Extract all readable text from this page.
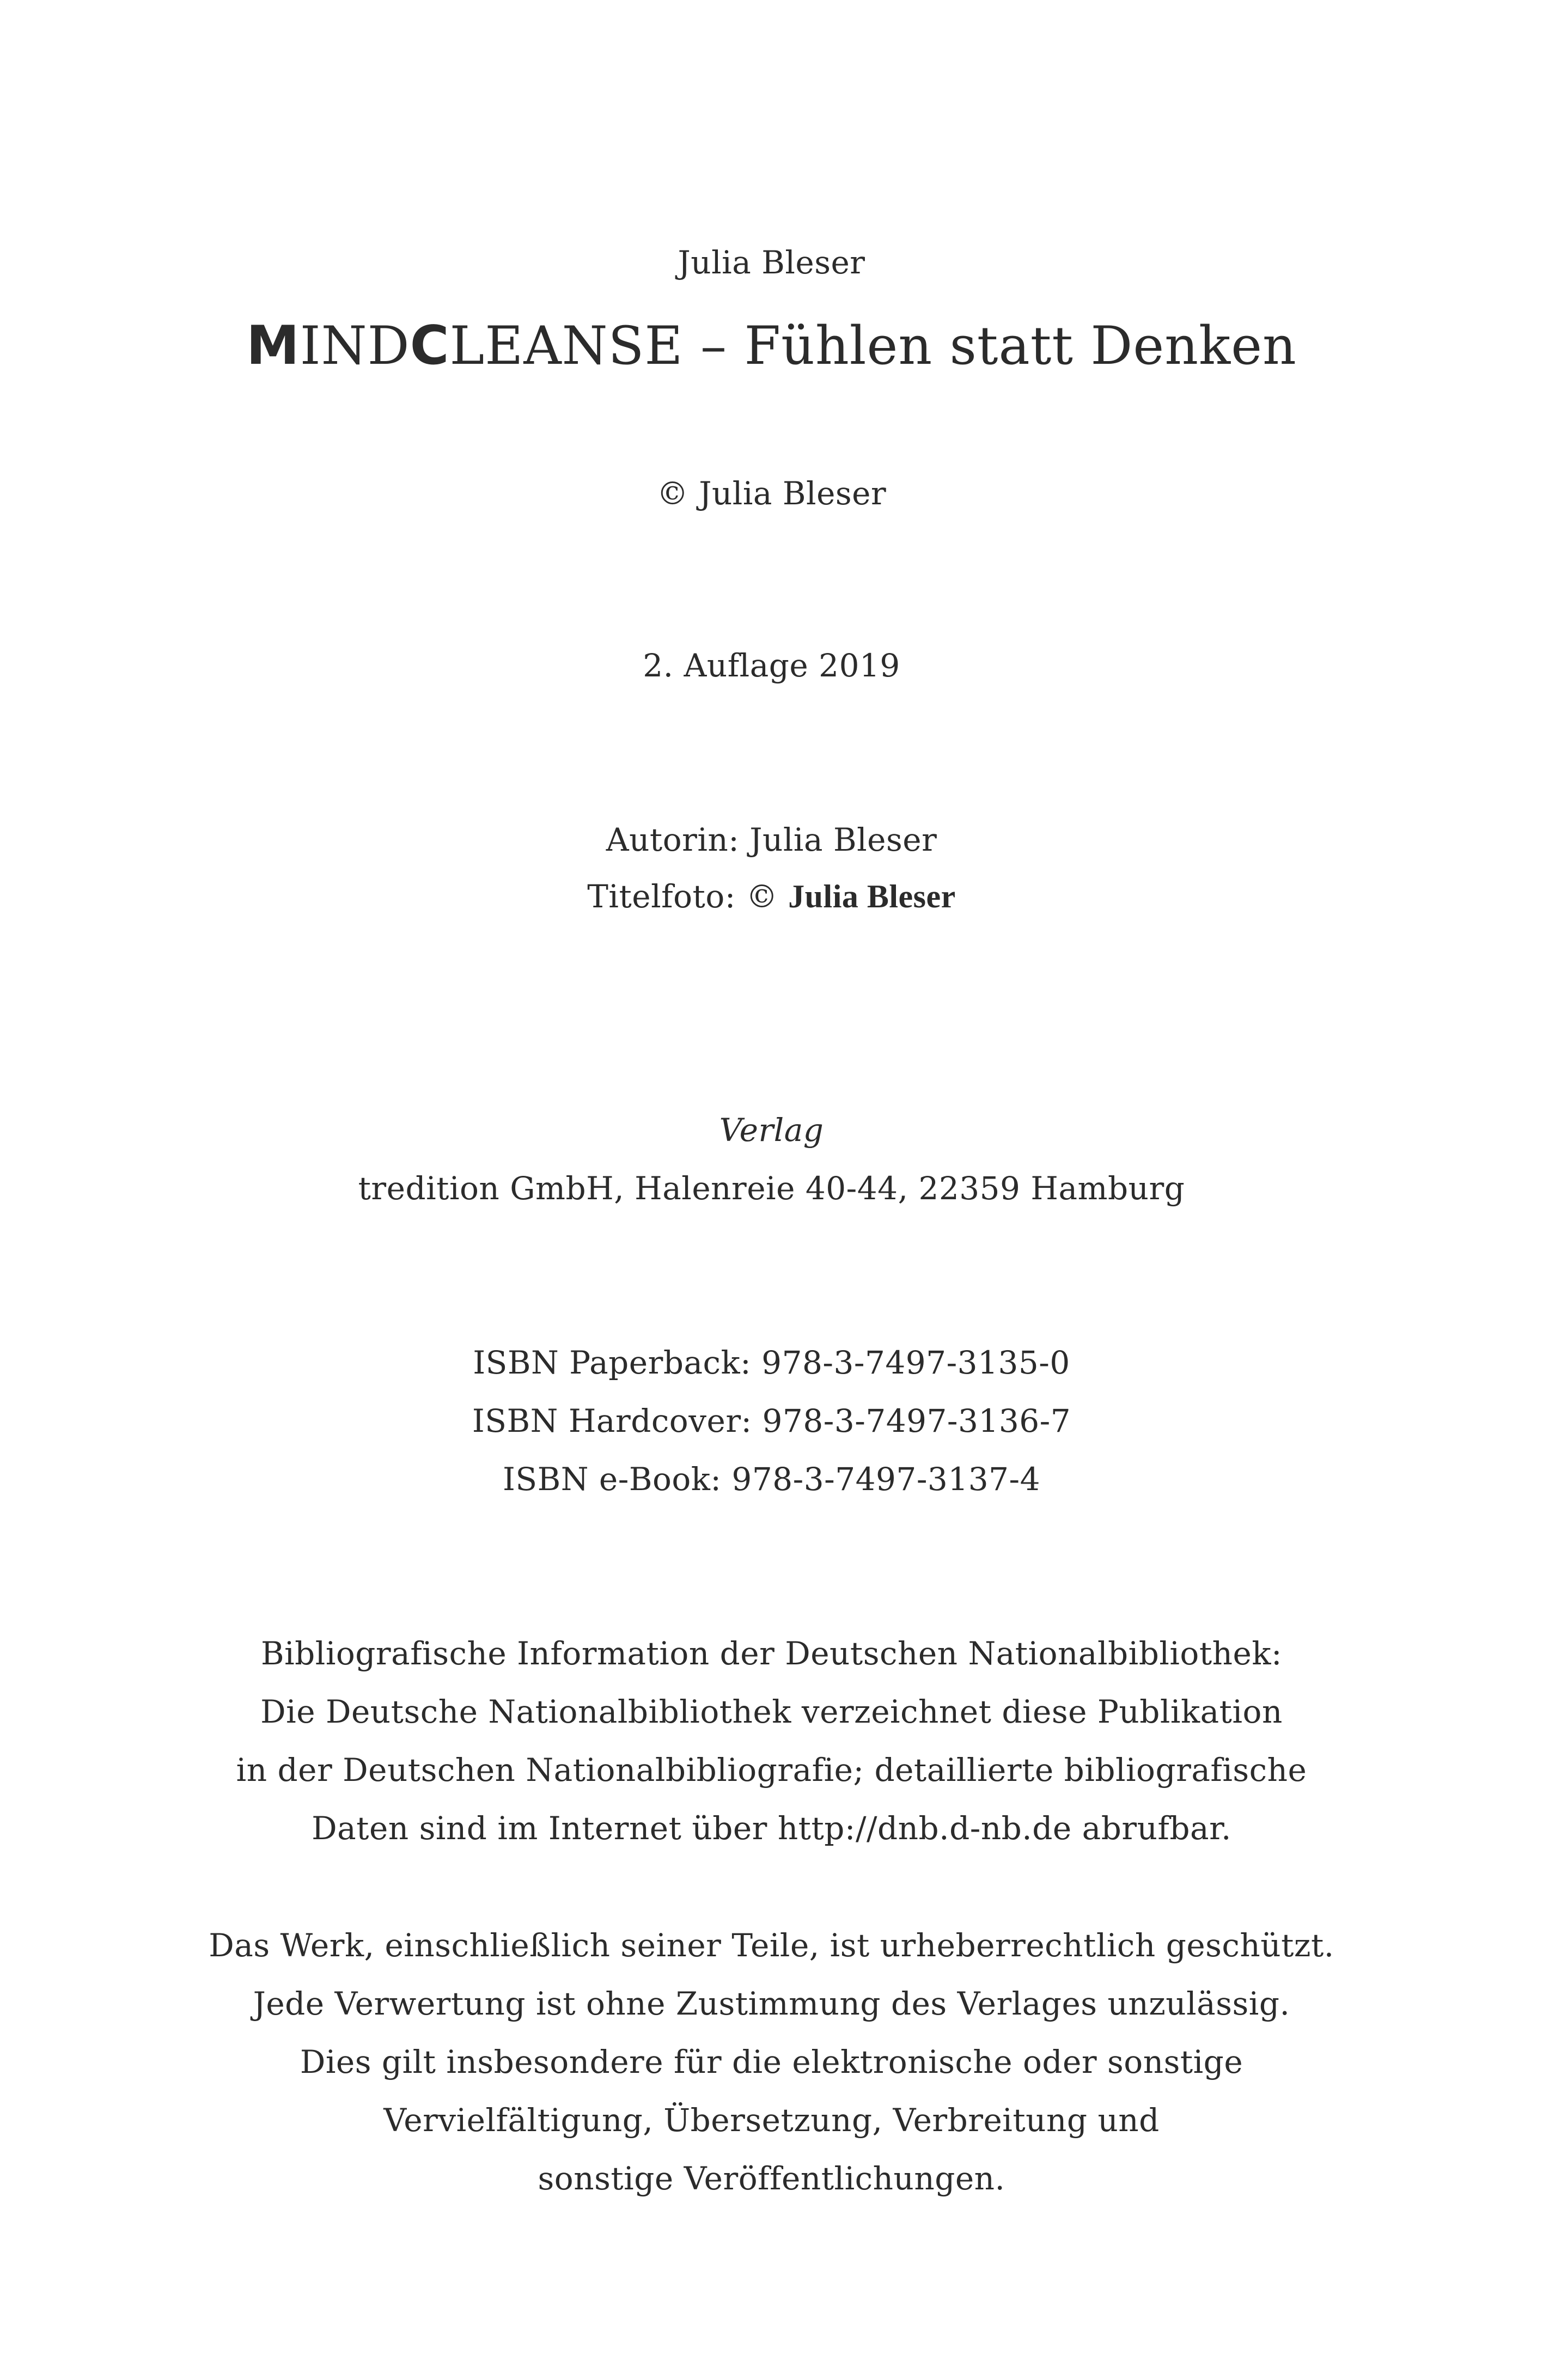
Julia Bleser
MINDCLEANSE – Fühlen statt Denken
© Julia Bleser
2. Auflage 2019
Autorin: Julia Bleser
Titelfoto: © Julia Bleser
Verlag
tredition GmbH, Halenreie 40-44, 22359 Hamburg
ISBN Paperback: 978-3-7497-3135-0
ISBN Hardcover: 978-3-7497-3136-7
ISBN e-Book: 978-3-7497-3137-4
Bibliografische Information der Deutschen Nationalbibliothek:
Die Deutsche Nationalbibliothek verzeichnet diese Publikation
in der Deutschen Nationalbibliografie; detaillierte bibliografische
Daten sind im Internet über http://dnb.d-nb.de abrufbar.
Das Werk, einschließlich seiner Teile, ist urheberrechtlich geschützt.
Jede Verwertung ist ohne Zustimmung des Verlages unzulässig.
Dies gilt insbesondere für die elektronische oder sonstige
Vervielfältigung, Übersetzung, Verbreitung und
sonstige Veröffentlichungen.
